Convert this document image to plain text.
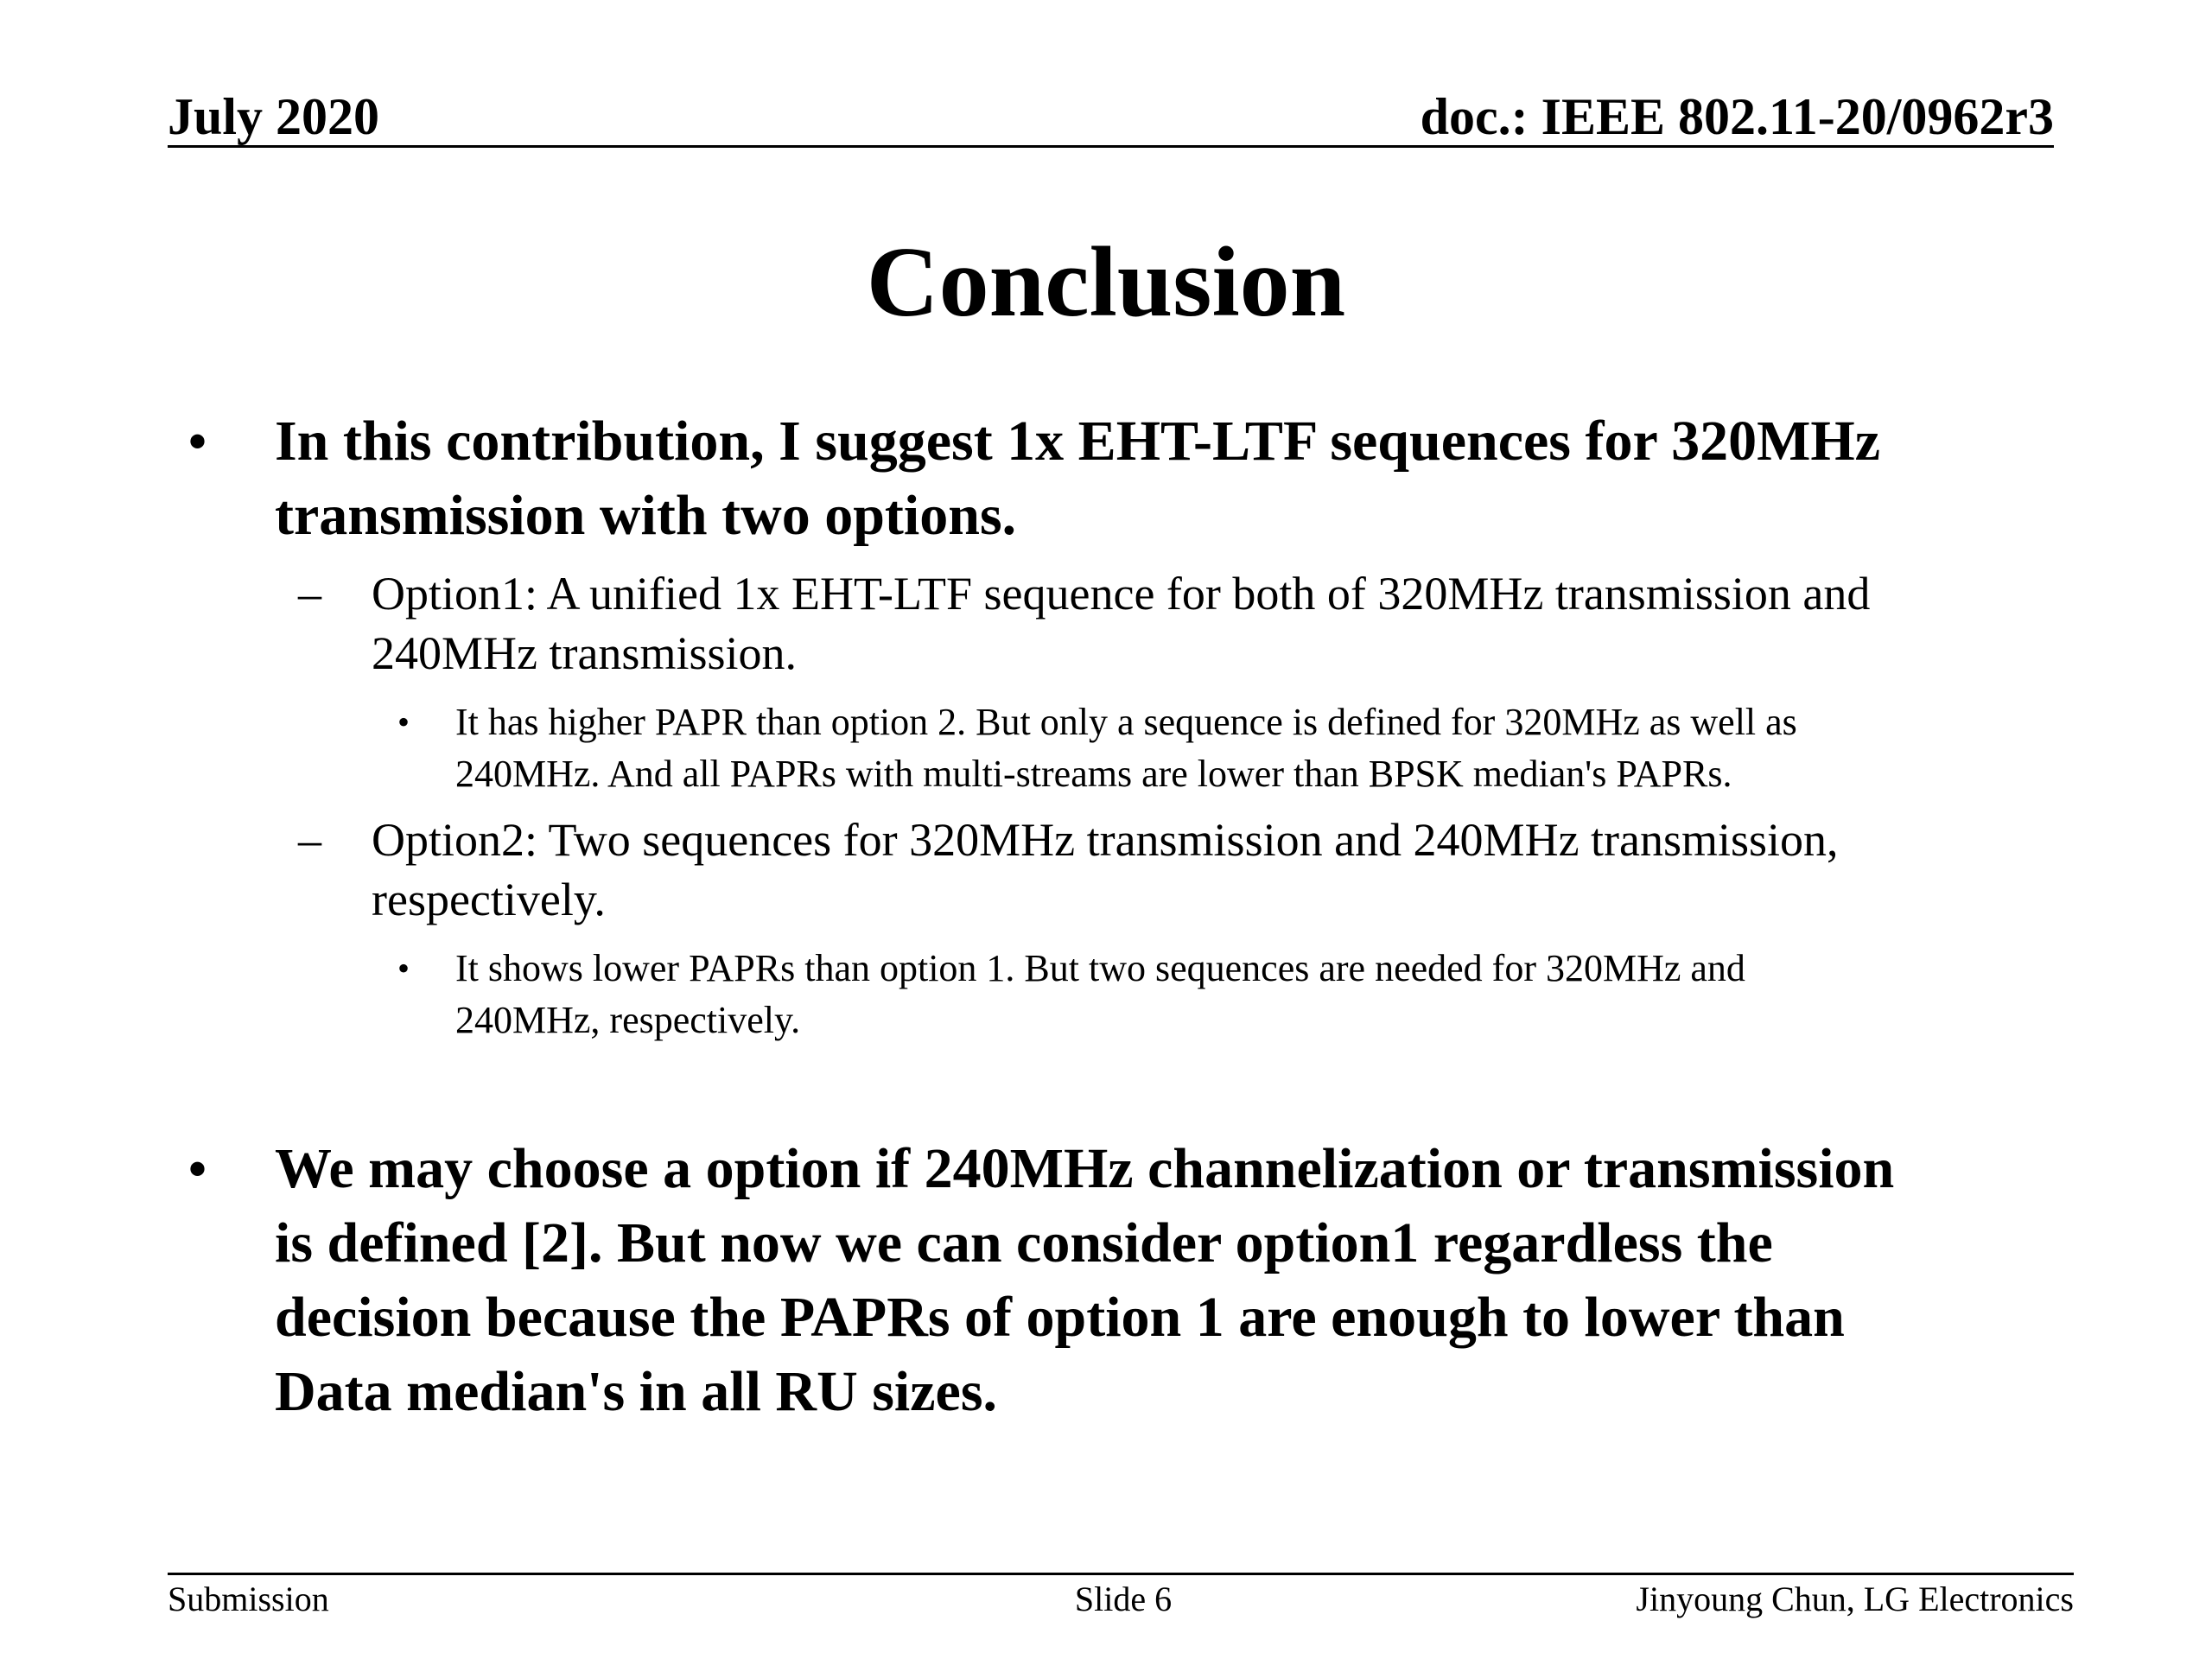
July 2020	doc.: IEEE 802.11-20/0962r3
Conclusion
• In this contribution, I suggest 1x EHT-LTF sequences for 320MHz
transmission with two options.
– Option1: A unified 1x EHT-LTF sequence for both of 320MHz transmission and
240MHz transmission.
• It has higher PAPR than option 2. But only a sequence is defined for 320MHz as well as
240MHz. And all PAPRs with multi-streams are lower than BPSK median's PAPRs.
– Option2: Two sequences for 320MHz transmission and 240MHz transmission,
respectively.
• It shows lower PAPRs than option 1. But two sequences are needed for 320MHz and
240MHz, respectively.
• We may choose a option if 240MHz channelization or transmission
is defined [2]. But now we can consider option1 regardless the
decision because the PAPRs of option 1 are enough to lower than
Data median's in all RU sizes.
Submission	Slide 6	Jinyoung Chun, LG Electronics
